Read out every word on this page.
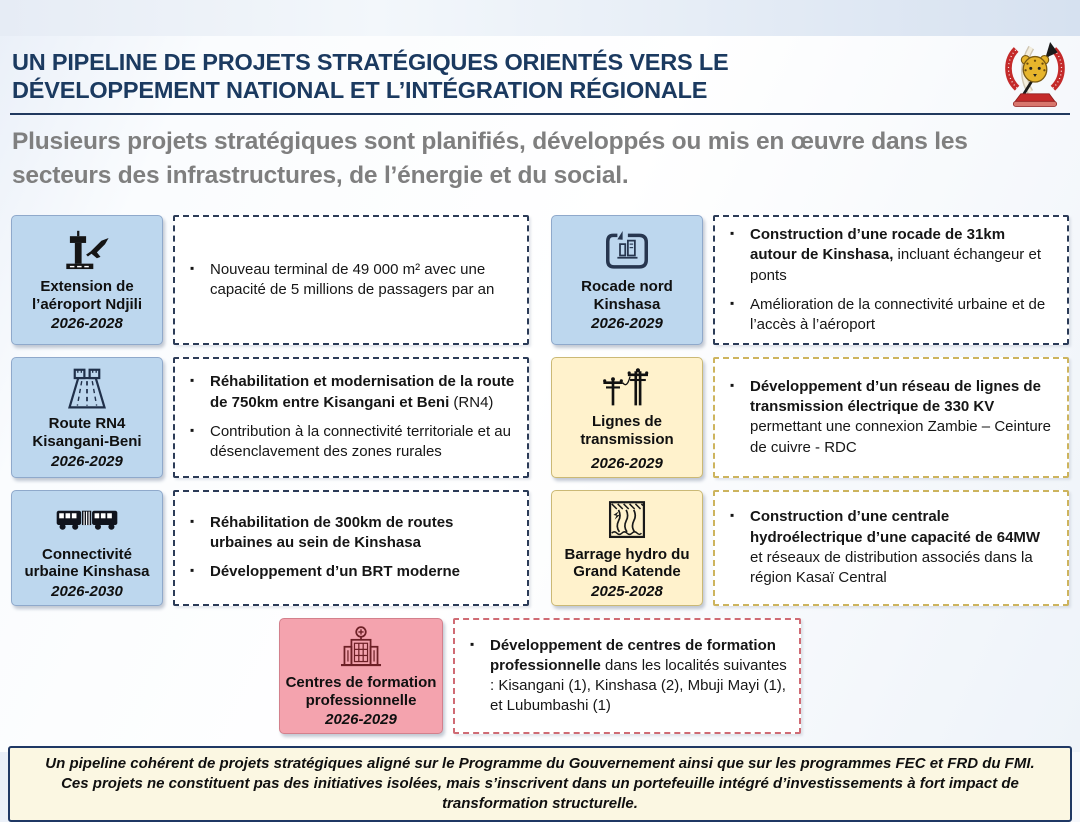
UN PIPELINE DE PROJETS STRATÉGIQUES ORIENTÉS VERS LE
DÉVELOPPEMENT NATIONAL ET L’INTÉGRATION RÉGIONALE
Plusieurs projets stratégiques sont planifiés, développés ou mis en œuvre dans les secteurs des infrastructures, de l’énergie et du social.
Extension de l’aéroport Ndjili
2026-2028
▪ Nouveau terminal de 49 000 m² avec une capacité de 5 millions de passagers par an	Rocade nord Kinshasa
2026-2029
▪ Construction d’une rocade de 31km autour de Kinshasa, incluant échangeur et ponts
▪ Amélioration de la connectivité urbaine et de l’accès à l’aéroport
Route RN4 Kisangani-Beni
2026-2029
▪ Réhabilitation et modernisation de la route de 750km entre Kisangani et Beni (RN4)
▪ Contribution à la connectivité territoriale et au désenclavement des zones rurales
Lignes de transmission
2026-2029
▪ Développement d’un réseau de lignes de transmission électrique de 330 KV permettant une connexion Zambie – Ceinture de cuivre - RDC
Connectivité urbaine Kinshasa
2026-2030
▪ Réhabilitation de 300km de routes urbaines au sein de Kinshasa
▪ Développement d’un BRT moderne
Barrage hydro du Grand Katende
2025-2028
▪ Construction d’une centrale hydroélectrique d’une capacité de 64MW et réseaux de distribution associés dans la région Kasaï Central
Centres de formation professionnelle
2026-2029
▪ Développement de centres de formation professionnelle dans les localités suivantes : Kisangani (1), Kinshasa (2), Mbuji Mayi (1), et Lubumbashi (1)
Un pipeline cohérent de projets stratégiques aligné sur le Programme du Gouvernement ainsi que sur les programmes FEC et FRD du FMI. Ces projets ne constituent pas des initiatives isolées, mais s’inscrivent dans un portefeuille intégré d’investissements à fort impact de transformation structurelle.
